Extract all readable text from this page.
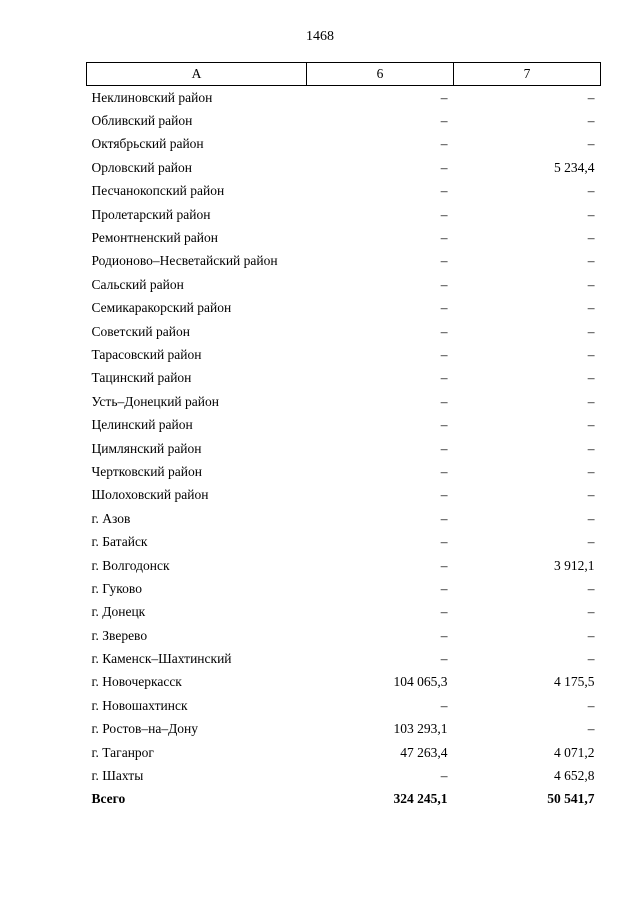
1468
А	6	7
Неклиновский район	–	–
Обливский район	–	–
Октябрьский район	–	–
Орловский район	–	5 234,4
Песчанокопский район	–	–
Пролетарский район	–	–
Ремонтненский район	–	–
Родионово–Несветайский район	–	–
Сальский район	–	–
Семикаракорский район	–	–
Советский район	–	–
Тарасовский район	–	–
Тацинский район	–	–
Усть–Донецкий район	–	–
Целинский район	–	–
Цимлянский район	–	–
Чертковский район	–	–
Шолоховский район	–	–
г. Азов	–	–
г. Батайск	–	–
г. Волгодонск	–	3 912,1
г. Гуково	–	–
г. Донецк	–	–
г. Зверево	–	–
г. Каменск–Шахтинский	–	–
г. Новочеркасск	104 065,3	4 175,5
г. Новошахтинск	–	–
г. Ростов–на–Дону	103 293,1	–
г. Таганрог	47 263,4	4 071,2
г. Шахты	–	4 652,8
Всего	324 245,1	50 541,7
